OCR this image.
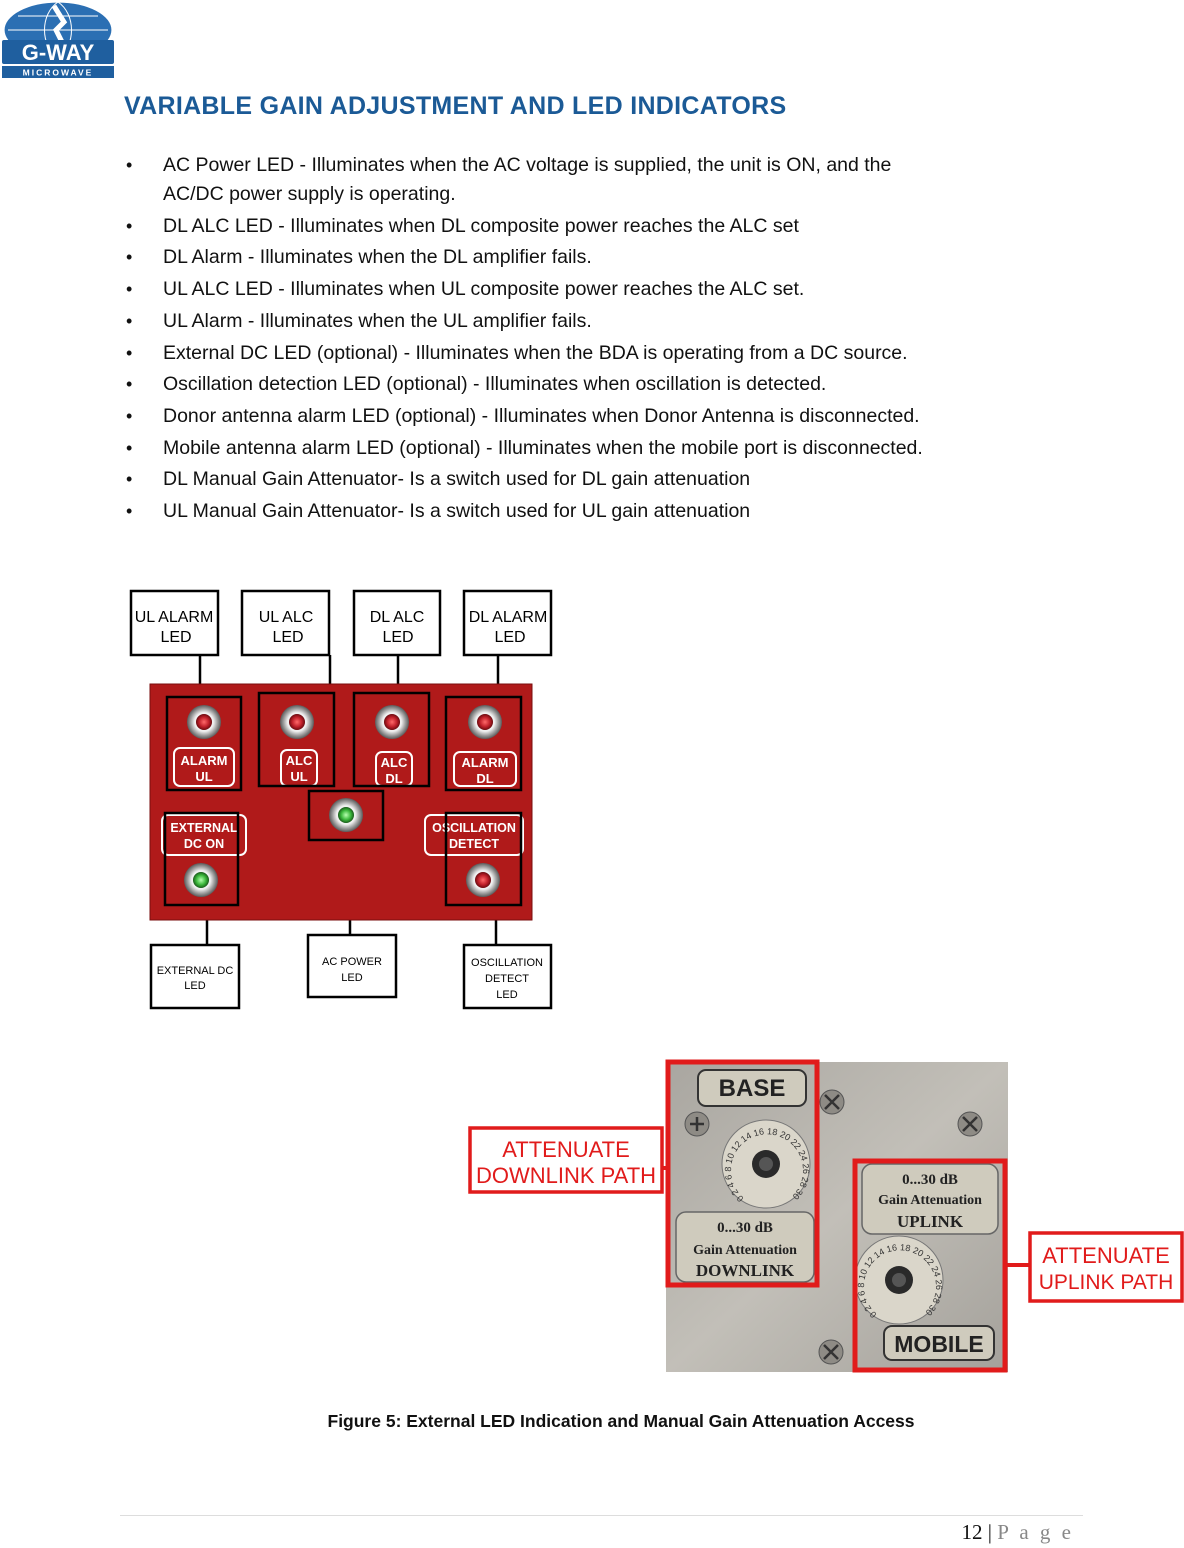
G-WAY
MICROWAVE
VARIABLE GAIN ADJUSTMENT AND LED INDICATORS
• AC Power LED - Illuminates when the AC voltage is supplied, the unit is ON, and the
AC/DC power supply is operating.
• DL ALC LED - Illuminates when DL composite power reaches the ALC set
• DL Alarm - Illuminates when the DL amplifier fails.
• UL ALC LED - Illuminates when UL composite power reaches the ALC set.
• UL Alarm - Illuminates when the UL amplifier fails.
• External DC LED (optional) - Illuminates when the BDA is operating from a DC source.
• Oscillation detection LED (optional) - Illuminates when oscillation is detected.
• Donor antenna alarm LED (optional) - Illuminates when Donor Antenna is disconnected.
• Mobile antenna alarm LED (optional) - Illuminates when the mobile port is disconnected.
• DL Manual Gain Attenuator- Is a switch used for DL gain attenuation
• UL Manual Gain Attenuator- Is a switch used for UL gain attenuation
ALARM
UL
ALC
UL
ALC
DL
ALARM
DL
EXTERNAL
DC ON
OSCILLATION
DETECT
UL ALARM
LED
UL ALC
LED
DL ALC
LED
DL ALARM
LED
EXTERNAL DC
LED
AC POWER
LED
OSCILLATION
DETECT
LED
BASE
0 2 4 6 8 10 12 14 16 18 20 22 24 26 28 30
0...30 dB
Gain Attenuation
DOWNLINK
0...30 dB
Gain Attenuation
UPLINK
0 2 4 6 8 10 12 14 16 18 20 22 24 26 28 30
MOBILE
ATTENUATE
DOWNLINK PATH
ATTENUATE
UPLINK PATH
Figure 5: External LED Indication and Manual Gain Attenuation Access
12 | P a g e
